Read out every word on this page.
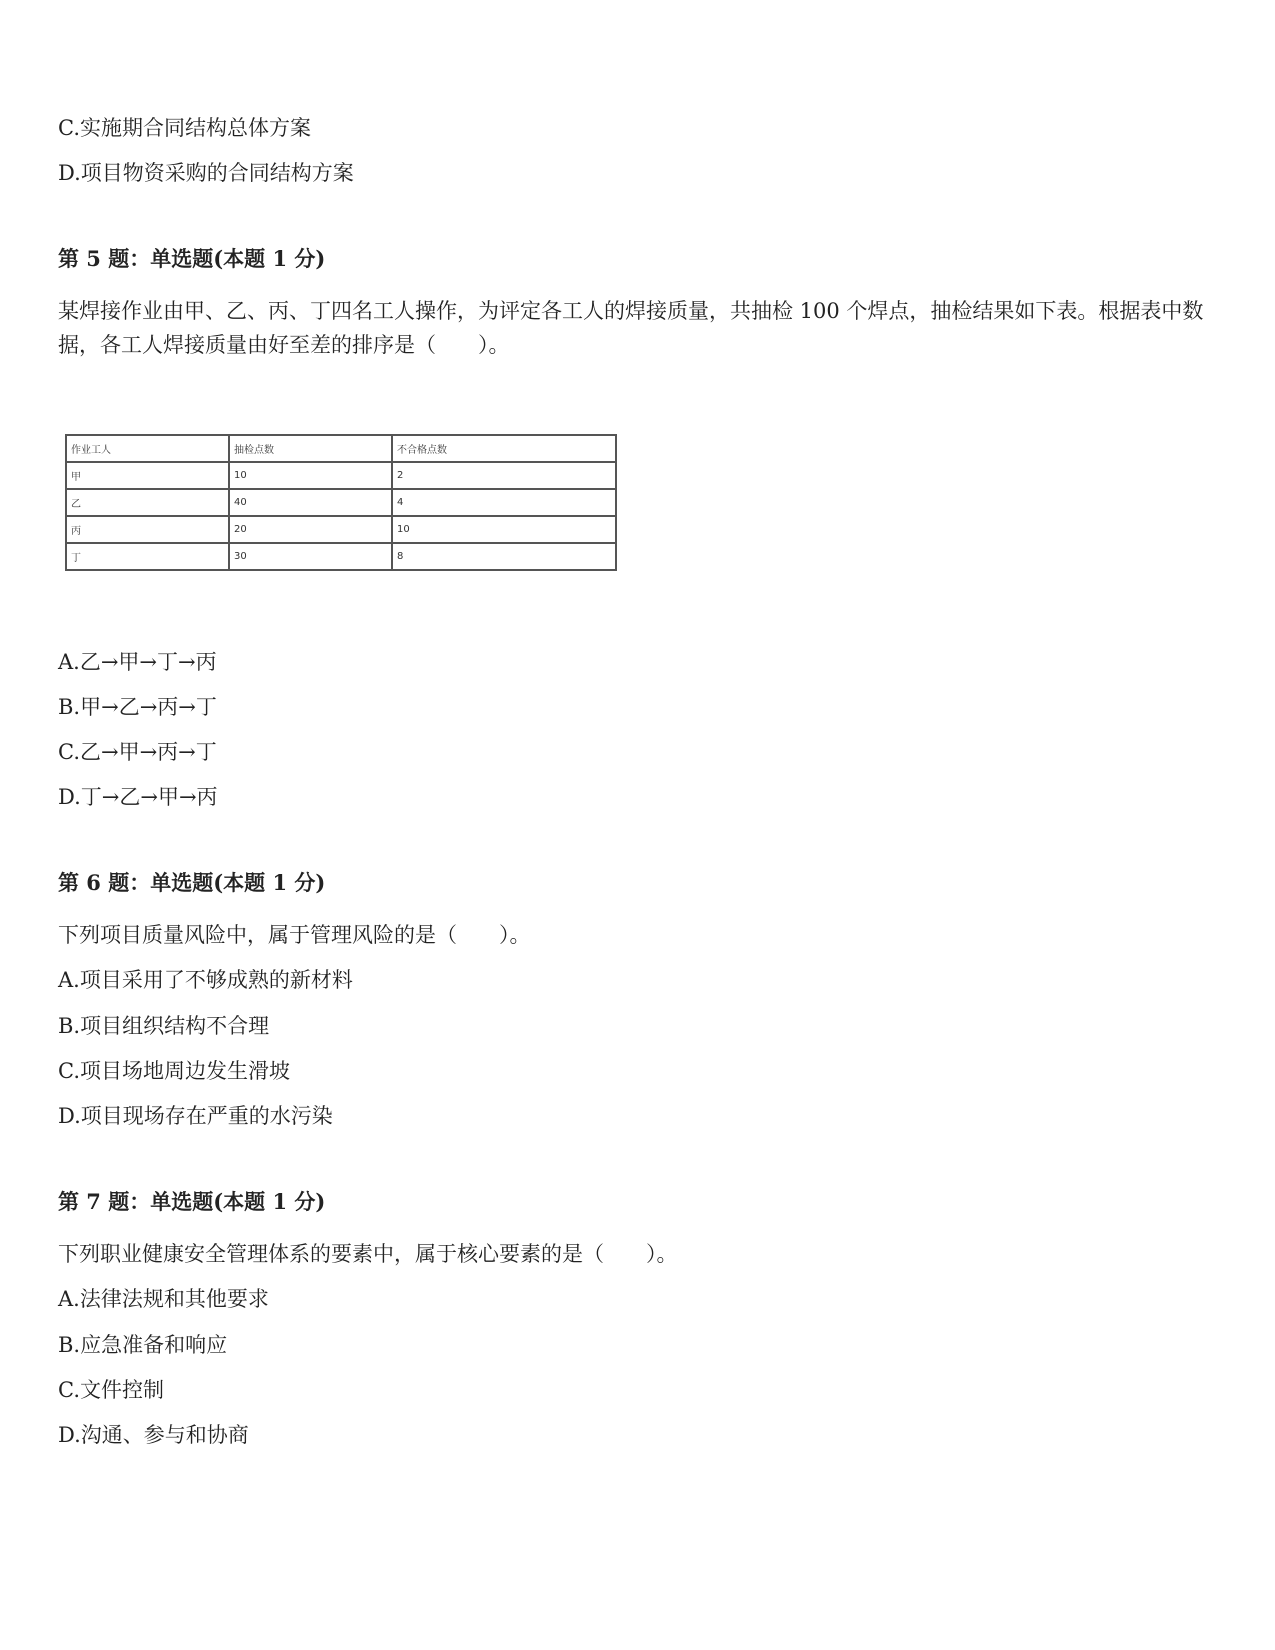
C.实施期合同结构总体方案
D.项目物资采购的合同结构方案
第 5 题：单选题(本题 1 分)
某焊接作业由甲、乙、丙、丁四名工人操作，为评定各工人的焊接质量，共抽检 100 个焊点，抽检结果如下表。根据表中数据，各工人焊接质量由好至差的排序是（　　）。
作业工人	抽检点数	不合格点数
甲	10	2
乙	40	4
丙	20	10
丁	30	8
A.乙→甲→丁→丙
B.甲→乙→丙→丁
C.乙→甲→丙→丁
D.丁→乙→甲→丙
第 6 题：单选题(本题 1 分)
下列项目质量风险中，属于管理风险的是（　　）。
A.项目采用了不够成熟的新材料
B.项目组织结构不合理
C.项目场地周边发生滑坡
D.项目现场存在严重的水污染
第 7 题：单选题(本题 1 分)
下列职业健康安全管理体系的要素中，属于核心要素的是（　　）。
A.法律法规和其他要求
B.应急准备和响应
C.文件控制
D.沟通、参与和协商
